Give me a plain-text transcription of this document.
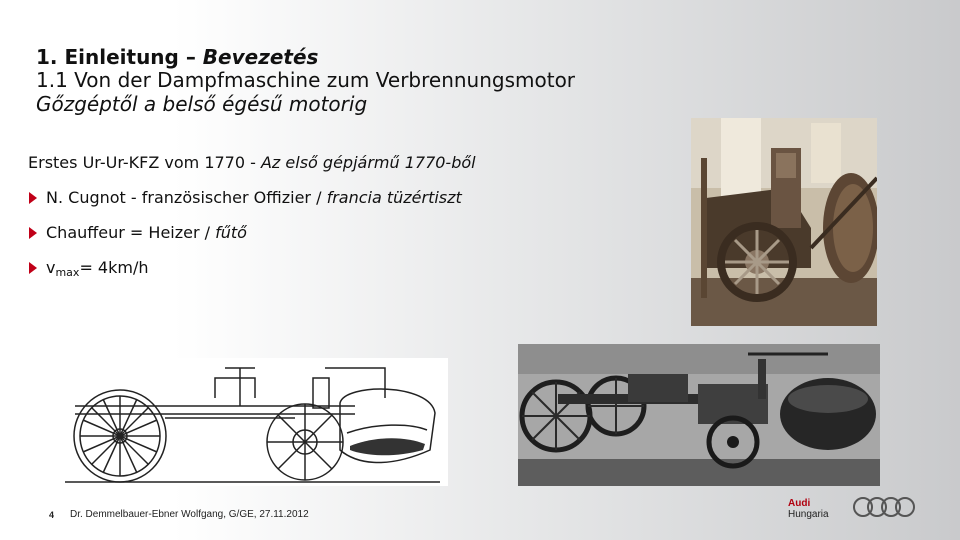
1. Einleitung – Bevezetés
1.1 Von der Dampfmaschine zum Verbrennungsmotor
Gőzgéptől a belső égésű motorig
Erstes Ur-Ur-KFZ vom 1770 - Az első gépjármű 1770-ből
N. Cugnot - französischer Offizier / francia tüzértiszt
Chauffeur = Heizer / fűtő
$v_{max}= 4km/h$
4 Dr. Demmelbauer-Ebner Wolfgang, G/GE, 27.11.2012
Audi
Hungaria
